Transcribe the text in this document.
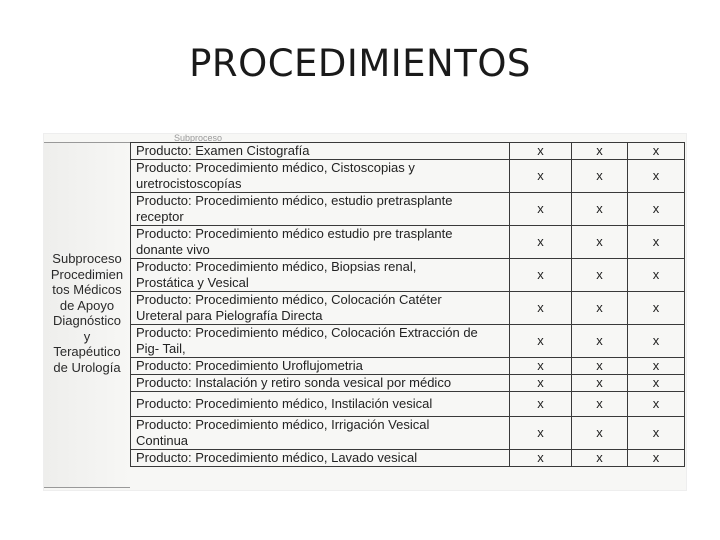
PROCEDIMIENTOS
Subproceso
Subproceso
Procedimien
tos Médicos
de Apoyo
Diagnóstico
y
Terapéutico
de Urología
Producto: Examen Cistografía	x	x	x

Producto: Procedimiento médico, Cistoscopias y
uretrocistoscopías	x	x	x

Producto: Procedimiento médico, estudio pretrasplante
receptor	x	x	x

Producto: Procedimiento médico estudio pre trasplante
donante vivo	x	x	x

Producto: Procedimiento médico, Biopsias renal,
Prostática y Vesical	x	x	x

Producto: Procedimiento médico, Colocación Catéter
Ureteral para Pielografía Directa	x	x	x

Producto: Procedimiento médico, Colocación Extracción de
Pig- Tail,	x	x	x

Producto: Procedimiento Uroflujometria	x	x	x

Producto: Instalación y retiro sonda vesical por médico	x	x	x

Producto: Procedimiento médico, Instilación vesical	x	x	x

Producto: Procedimiento médico, Irrigación Vesical
Continua	x	x	x

Producto: Procedimiento médico, Lavado vesical	x	x	x
